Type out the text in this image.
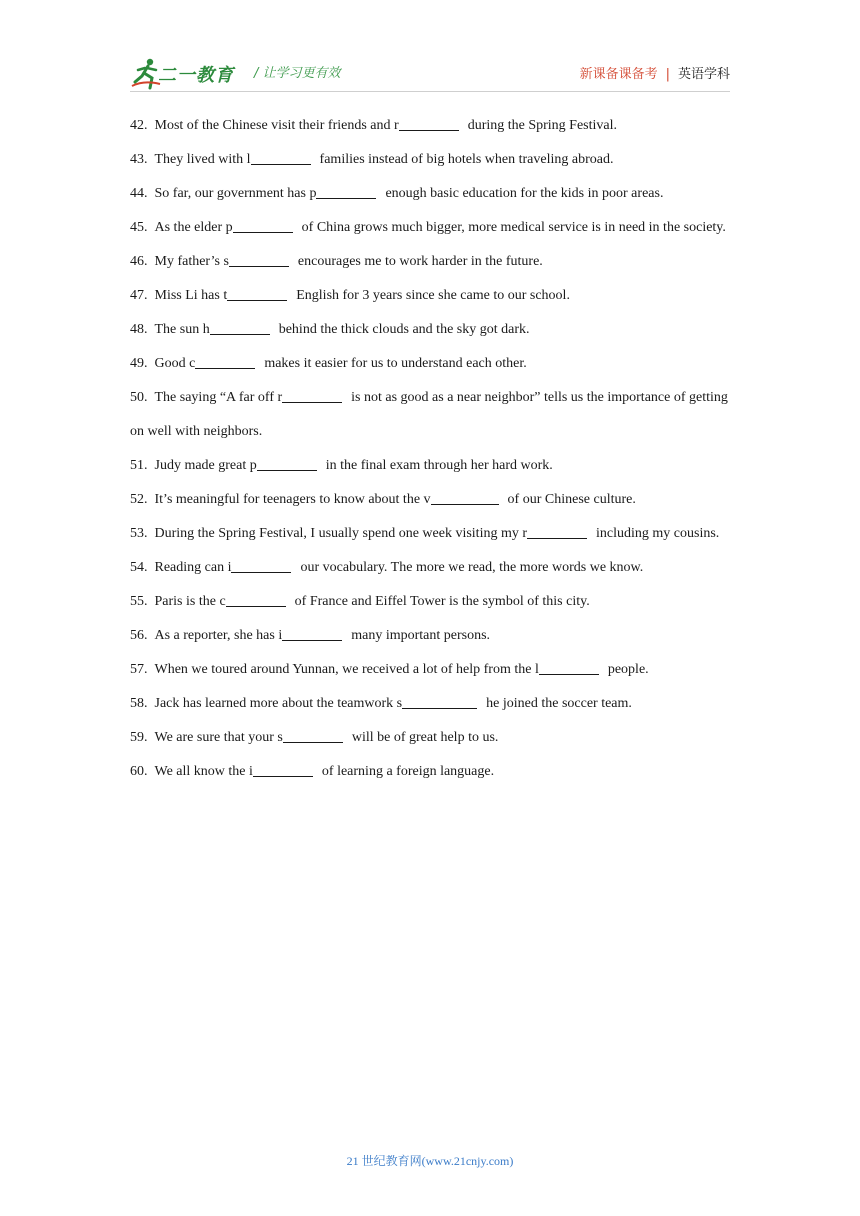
二一教育 / 让学习更有效	新课备课备考 | 英语学科

42. Most of the Chinese visit their friends and r	during the Spring Festival.

43. They lived with l	families instead of big hotels when traveling abroad.

44. So far, our government has p	enough basic education for the kids in poor areas.

45. As the elder p	of China grows much bigger, more medical service is in need in the society.

46. My father’s s	encourages me to work harder in the future.

47. Miss Li has t	English for 3 years since she came to our school.

48. The sun h	behind the thick clouds and the sky got dark.

49. Good c	makes it easier for us to understand each other.

50. The saying “A far off r	is not as good as a near neighbor” tells us the importance of getting on well with neighbors.

51. Judy made great p	in the final exam through her hard work.

52. It’s meaningful for teenagers to know about the v	of our Chinese culture.

53. During the Spring Festival, I usually spend one week visiting my r	including my cousins.

54. Reading can i	our vocabulary. The more we read, the more words we know.

55. Paris is the c	of France and Eiffel Tower is the symbol of this city.

56. As a reporter, she has i	many important persons.

57. When we toured around Yunnan, we received a lot of help from the l	people.

58. Jack has learned more about the teamwork s	he joined the soccer team.

59. We are sure that your s	will be of great help to us.

60. We all know the i	of learning a foreign language.

21 世纪教育网(www.21cnjy.com)
